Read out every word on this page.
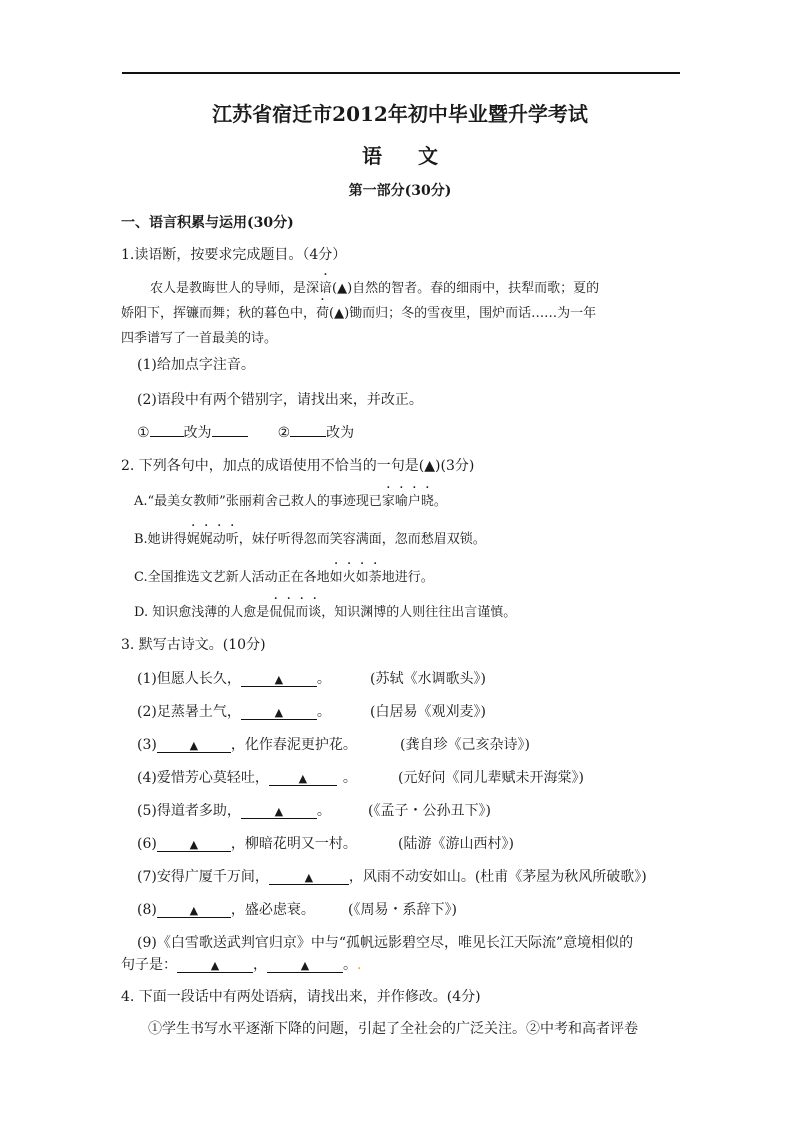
江苏省宿迁市2012年初中毕业暨升学考试
语文
第一部分(30分)
一、语言积累与运用(30分)
1.读语断，按要求完成题目。（4分）
农人是教晦世人的导师，是深谙(▲)自然的智者。春的细雨中，扶犁而歌；夏的
娇阳下，挥镰而舞；秋的暮色中，荷(▲)锄而归；冬的雪夜里，围炉而话……为一年
四季谱写了一首最美的诗。
(1)给加点字注音。
(2)语段中有两个错别字，请找出来，并改正。
① 改为	②	改为
2. 下列各句中，加点的成语使用不恰当的一句是(▲)(3分)
A.“最美女教师”张丽莉舍己救人的事迹现已家喻户晓。
B.她讲得娓娓动听，妹仔听得忽而笑容满面，忽而愁眉双锁。
C.全国推选文艺新人活动正在各地如火如荼地进行。
D. 知识愈浅薄的人愈是侃侃而谈，知识渊博的人则往往出言谨慎。
3. 默写古诗文。(10分)
(1)但愿人长久，	▲ 。	(苏轼《水调歌头》)
(2)足蒸暑土气，	▲ 。	(白居易《观刈麦》)
(3)	▲ ，化作春泥更护花。	(龚自珍《己亥杂诗》)
(4)爱惜芳心莫轻吐，	▲	。	(元好问《同儿辈赋未开海棠》)
(5)得道者多助，	▲ 。	(《孟子・公孙丑下》)
(6)	▲ ，柳暗花明又一村。	(陆游《游山西村》)
(7)安得广厦千万间，	▲	，风雨不动安如山。(杜甫《茅屋为秋风所破歌》)
(8)	▲ ，盛必虑衰。 (《周易・系辞下》)
(9)《白雪歌送武判官归京》中与“孤帆远影碧空尽，唯见长江天际流”意境相似的
句子是：	▲ ，	▲ 。.
4. 下面一段话中有两处语病，请找出来，并作修改。(4分)
①学生书写水平逐渐下降的问题，引起了全社会的广泛关注。②中考和高者评卷
